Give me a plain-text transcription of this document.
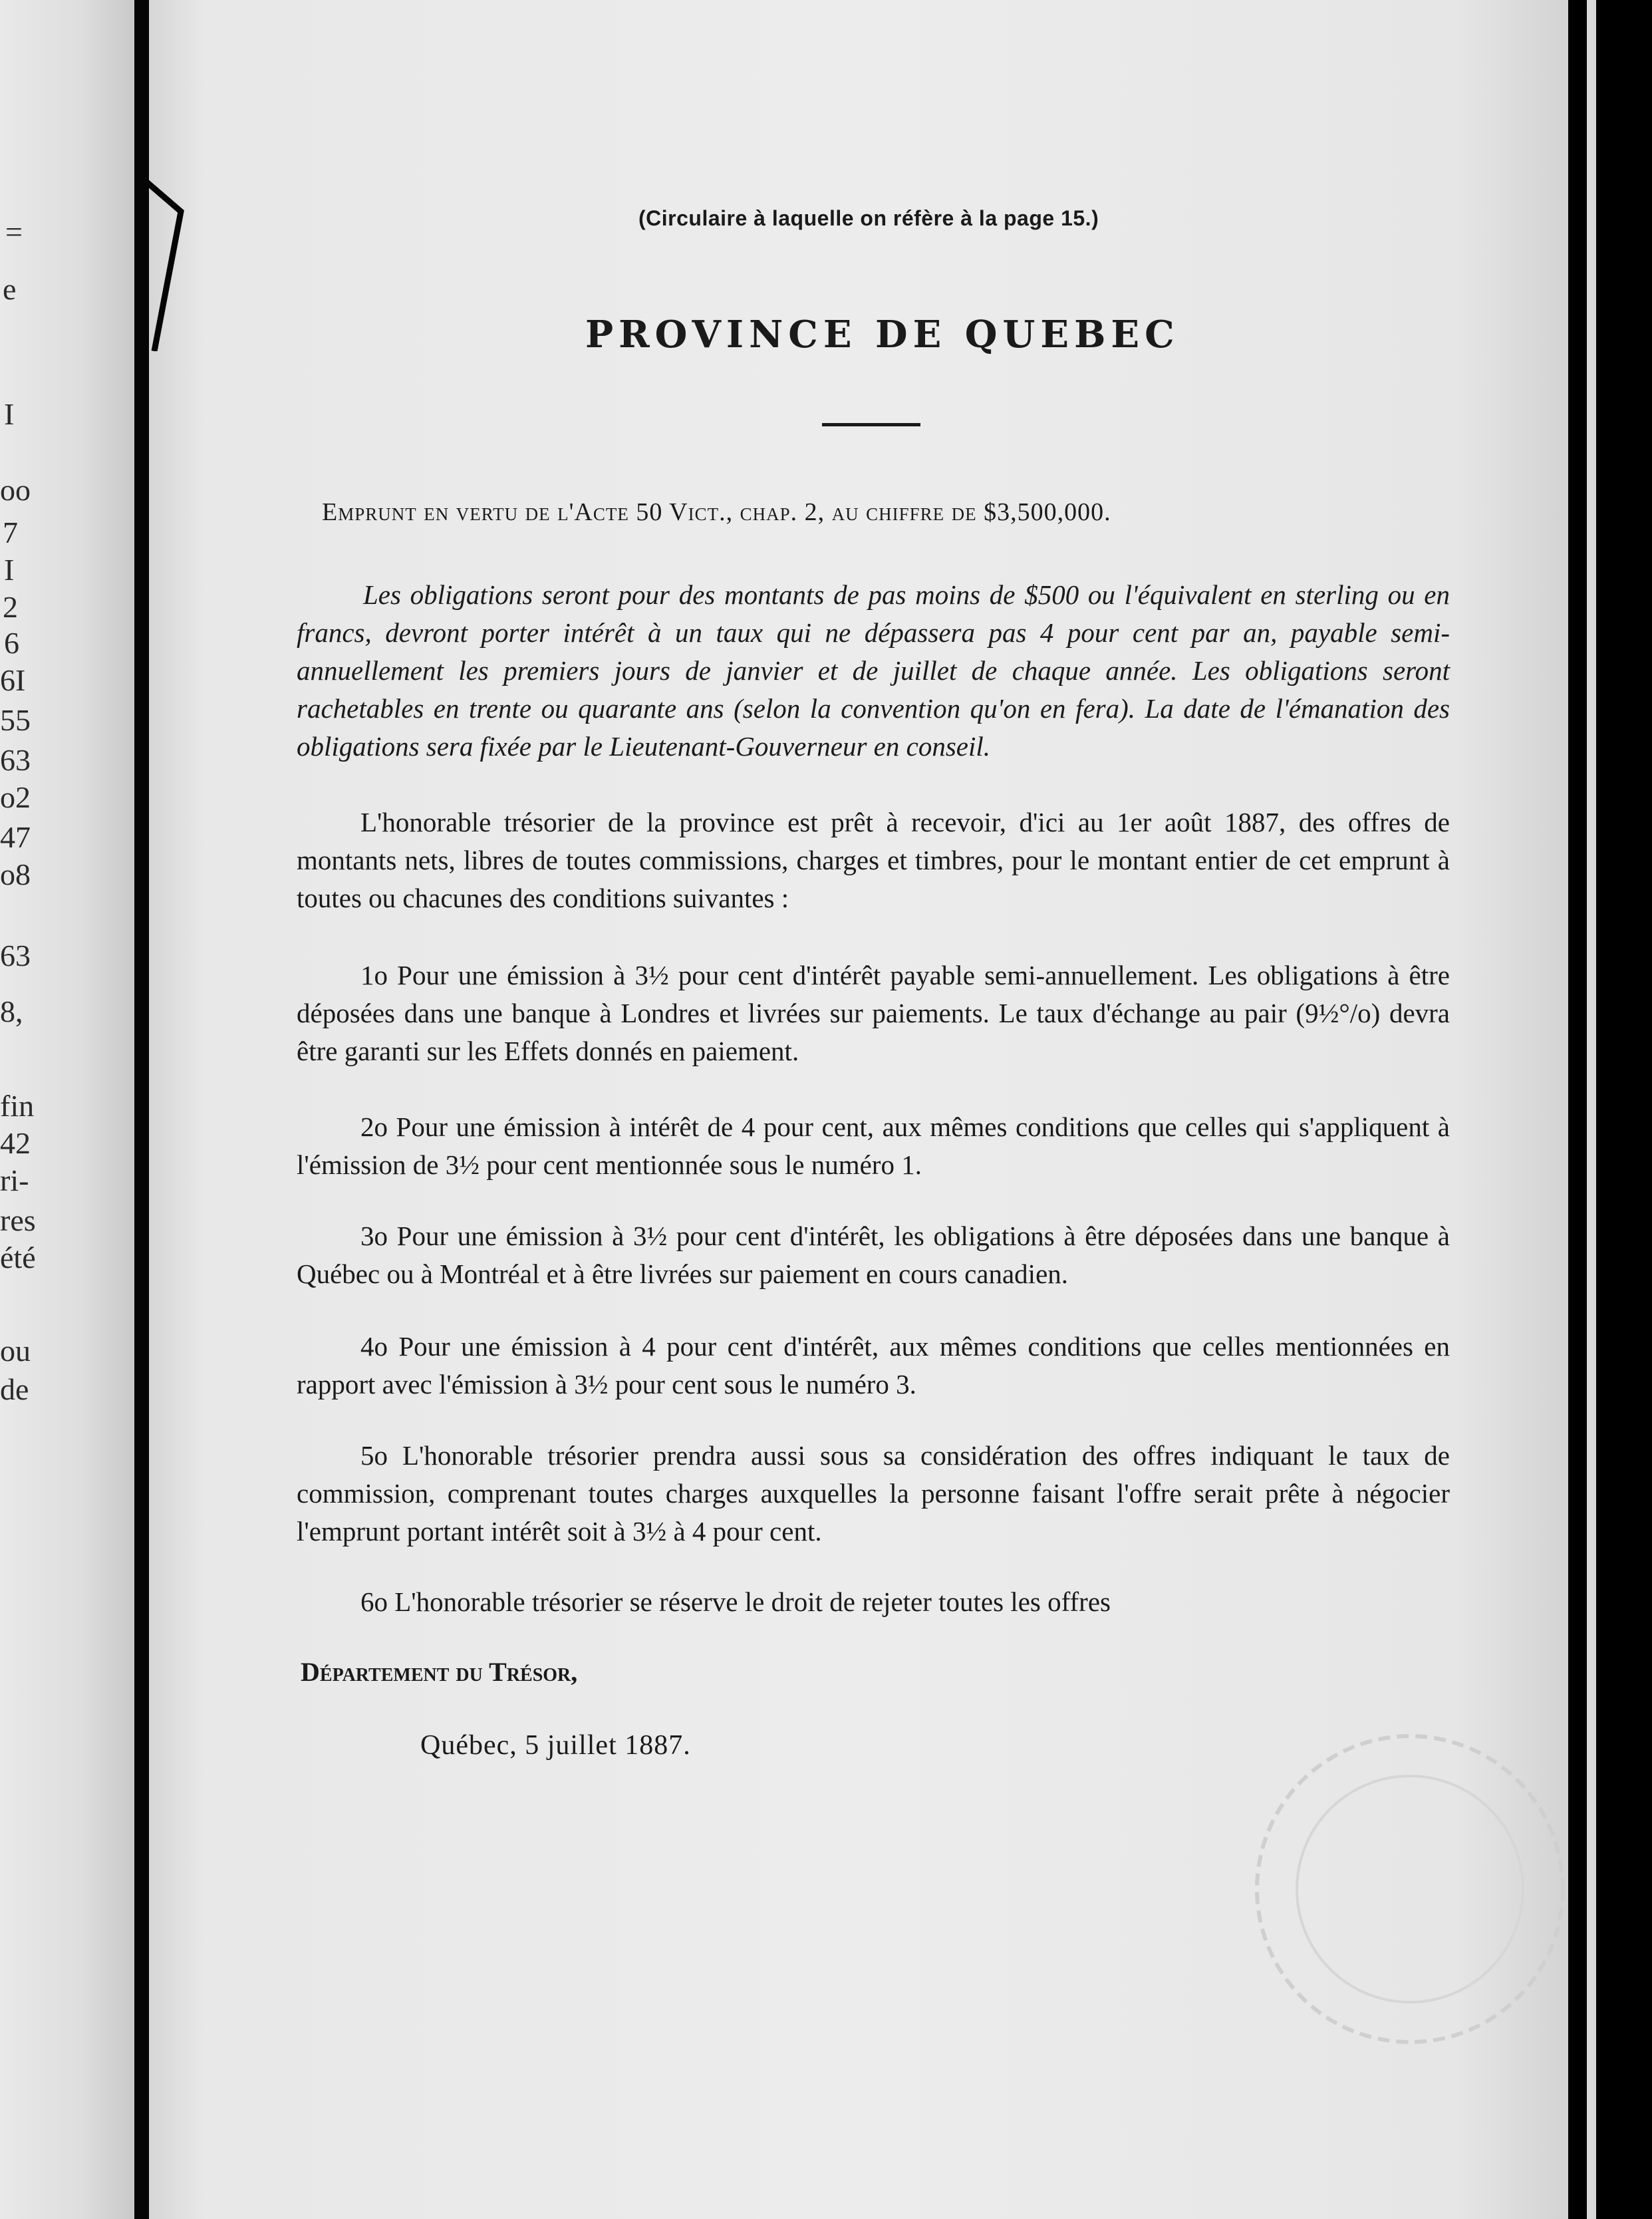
=
e
I
oo
7
I
2
6
6I
55
63
o2
47
o8
63
8,
fin
42
ri-
res
été
ou
de
(Circulaire à laquelle on réfère à la page 15.)
PROVINCE DE QUEBEC
Emprunt en vertu de l'Acte 50 Vict., chap. 2, au chiffre de $3,500,000.
Les obligations seront pour des montants de pas moins de $500 ou l'équivalent en sterling ou en francs, devront porter intérêt à un taux qui ne dépassera pas 4 pour cent par an, payable semi-annuellement les premiers jours de janvier et de juillet de chaque année. Les obligations seront rachetables en trente ou quarante ans (selon la convention qu'on en fera). La date de l'émanation des obligations sera fixée par le Lieutenant-Gouverneur en conseil.
L'honorable trésorier de la province est prêt à recevoir, d'ici au 1er août 1887, des offres de montants nets, libres de toutes commissions, charges et timbres, pour le montant entier de cet emprunt à toutes ou chacunes des conditions suivantes :
1o Pour une émission à 3½ pour cent d'intérêt payable semi-annuellement. Les obligations à être déposées dans une banque à Londres et livrées sur paiements. Le taux d'échange au pair (9½°/o) devra être garanti sur les Effets donnés en paiement.
2o Pour une émission à intérêt de 4 pour cent, aux mêmes conditions que celles qui s'appliquent à l'émission de 3½ pour cent mentionnée sous le numéro 1.
3o Pour une émission à 3½ pour cent d'intérêt, les obligations à être déposées dans une banque à Québec ou à Montréal et à être livrées sur paiement en cours canadien.
4o Pour une émission à 4 pour cent d'intérêt, aux mêmes conditions que celles mentionnées en rapport avec l'émission à 3½ pour cent sous le numéro 3.
5o L'honorable trésorier prendra aussi sous sa considération des offres indiquant le taux de commission, comprenant toutes charges auxquelles la personne faisant l'offre serait prête à négocier l'emprunt portant intérêt soit à 3½ à 4 pour cent.
6o L'honorable trésorier se réserve le droit de rejeter toutes les offres
Département du Trésor,
Québec, 5 juillet 1887.
